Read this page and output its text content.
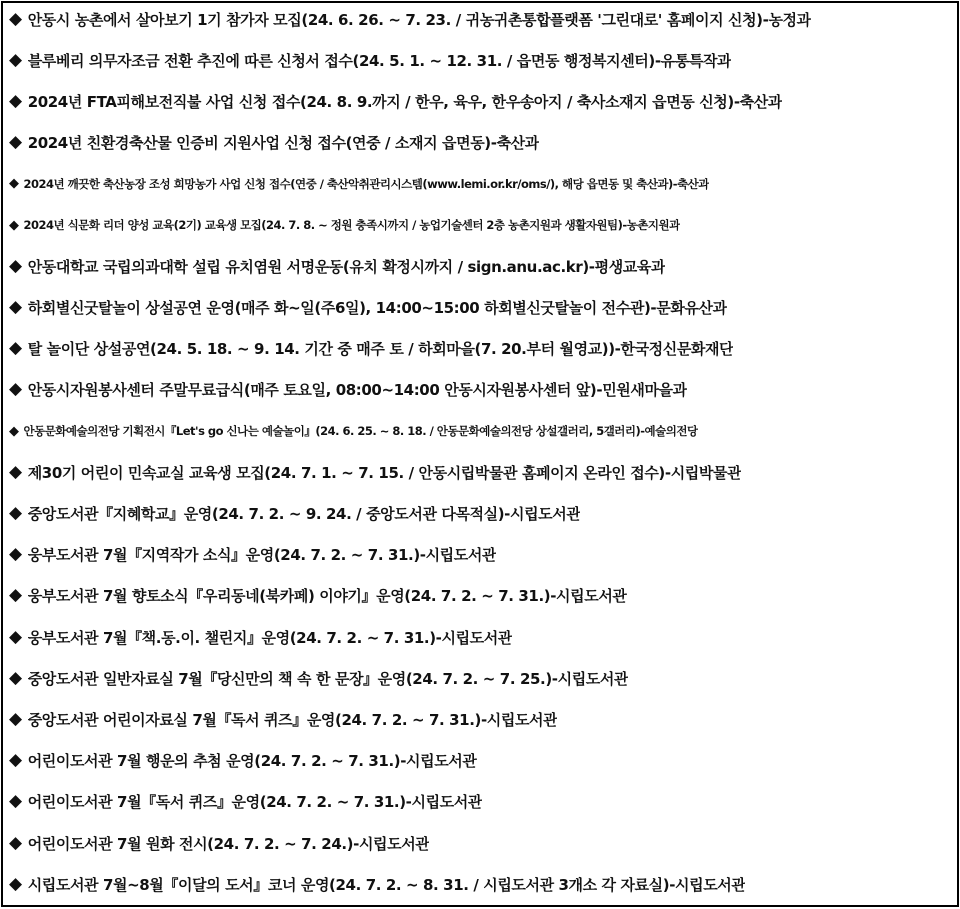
◆ 안동시 농촌에서 살아보기 1기 참가자 모집(24. 6. 26. ~ 7. 23. / 귀농귀촌통합플랫폼 '그린대로' 홈페이지 신청)-농정과
◆ 블루베리 의무자조금 전환 추진에 따른 신청서 접수(24. 5. 1. ~ 12. 31. / 읍면동 행정복지센터)-유통특작과
◆ 2024년 FTA피해보전직불 사업 신청 접수(24. 8. 9.까지 / 한우, 육우, 한우송아지 / 축사소재지 읍면동 신청)-축산과
◆ 2024년 친환경축산물 인증비 지원사업 신청 접수(연중 / 소재지 읍면동)-축산과
◆ 2024년 깨끗한 축산농장 조성 희망농가 사업 신청 접수(연중 / 축산악취관리시스템(www.lemi.or.kr/oms/), 해당 읍면동 및 축산과)-축산과
◆ 2024년 식문화 리더 양성 교육(2기) 교육생 모집(24. 7. 8. ~ 정원 충족시까지 / 농업기술센터 2층 농촌지원과 생활자원팀)-농촌지원과
◆ 안동대학교 국립의과대학 설립 유치염원 서명운동(유치 확정시까지 / sign.anu.ac.kr)-평생교육과
◆ 하회별신굿탈놀이 상설공연 운영(매주 화~일(주6일), 14:00~15:00 하회별신굿탈놀이 전수관)-문화유산과
◆ 탈 놀이단 상설공연(24. 5. 18. ~ 9. 14. 기간 중 매주 토 / 하회마을(7. 20.부터 월영교))-한국정신문화재단
◆ 안동시자원봉사센터 주말무료급식(매주 토요일, 08:00~14:00 안동시자원봉사센터 앞)-민원새마을과
◆ 안동문화예술의전당 기획전시『Let's go 신나는 예술놀이』(24. 6. 25. ~ 8. 18. / 안동문화예술의전당 상설갤러리, 5갤러리)-예술의전당
◆ 제30기 어린이 민속교실 교육생 모집(24. 7. 1. ~ 7. 15. / 안동시립박물관 홈페이지 온라인 접수)-시립박물관
◆ 중앙도서관『지혜학교』운영(24. 7. 2. ~ 9. 24. / 중앙도서관 다목적실)-시립도서관
◆ 웅부도서관 7월『지역작가 소식』운영(24. 7. 2. ~ 7. 31.)-시립도서관
◆ 웅부도서관 7월 향토소식『우리동네(북카페) 이야기』운영(24. 7. 2. ~ 7. 31.)-시립도서관
◆ 웅부도서관 7월『책.동.이. 챌린지』운영(24. 7. 2. ~ 7. 31.)-시립도서관
◆ 중앙도서관 일반자료실 7월『당신만의 책 속 한 문장』운영(24. 7. 2. ~ 7. 25.)-시립도서관
◆ 중앙도서관 어린이자료실 7월『독서 퀴즈』운영(24. 7. 2. ~ 7. 31.)-시립도서관
◆ 어린이도서관 7월 행운의 추첨 운영(24. 7. 2. ~ 7. 31.)-시립도서관
◆ 어린이도서관 7월『독서 퀴즈』운영(24. 7. 2. ~ 7. 31.)-시립도서관
◆ 어린이도서관 7월 원화 전시(24. 7. 2. ~ 7. 24.)-시립도서관
◆ 시립도서관 7월~8월『이달의 도서』코너 운영(24. 7. 2. ~ 8. 31. / 시립도서관 3개소 각 자료실)-시립도서관
